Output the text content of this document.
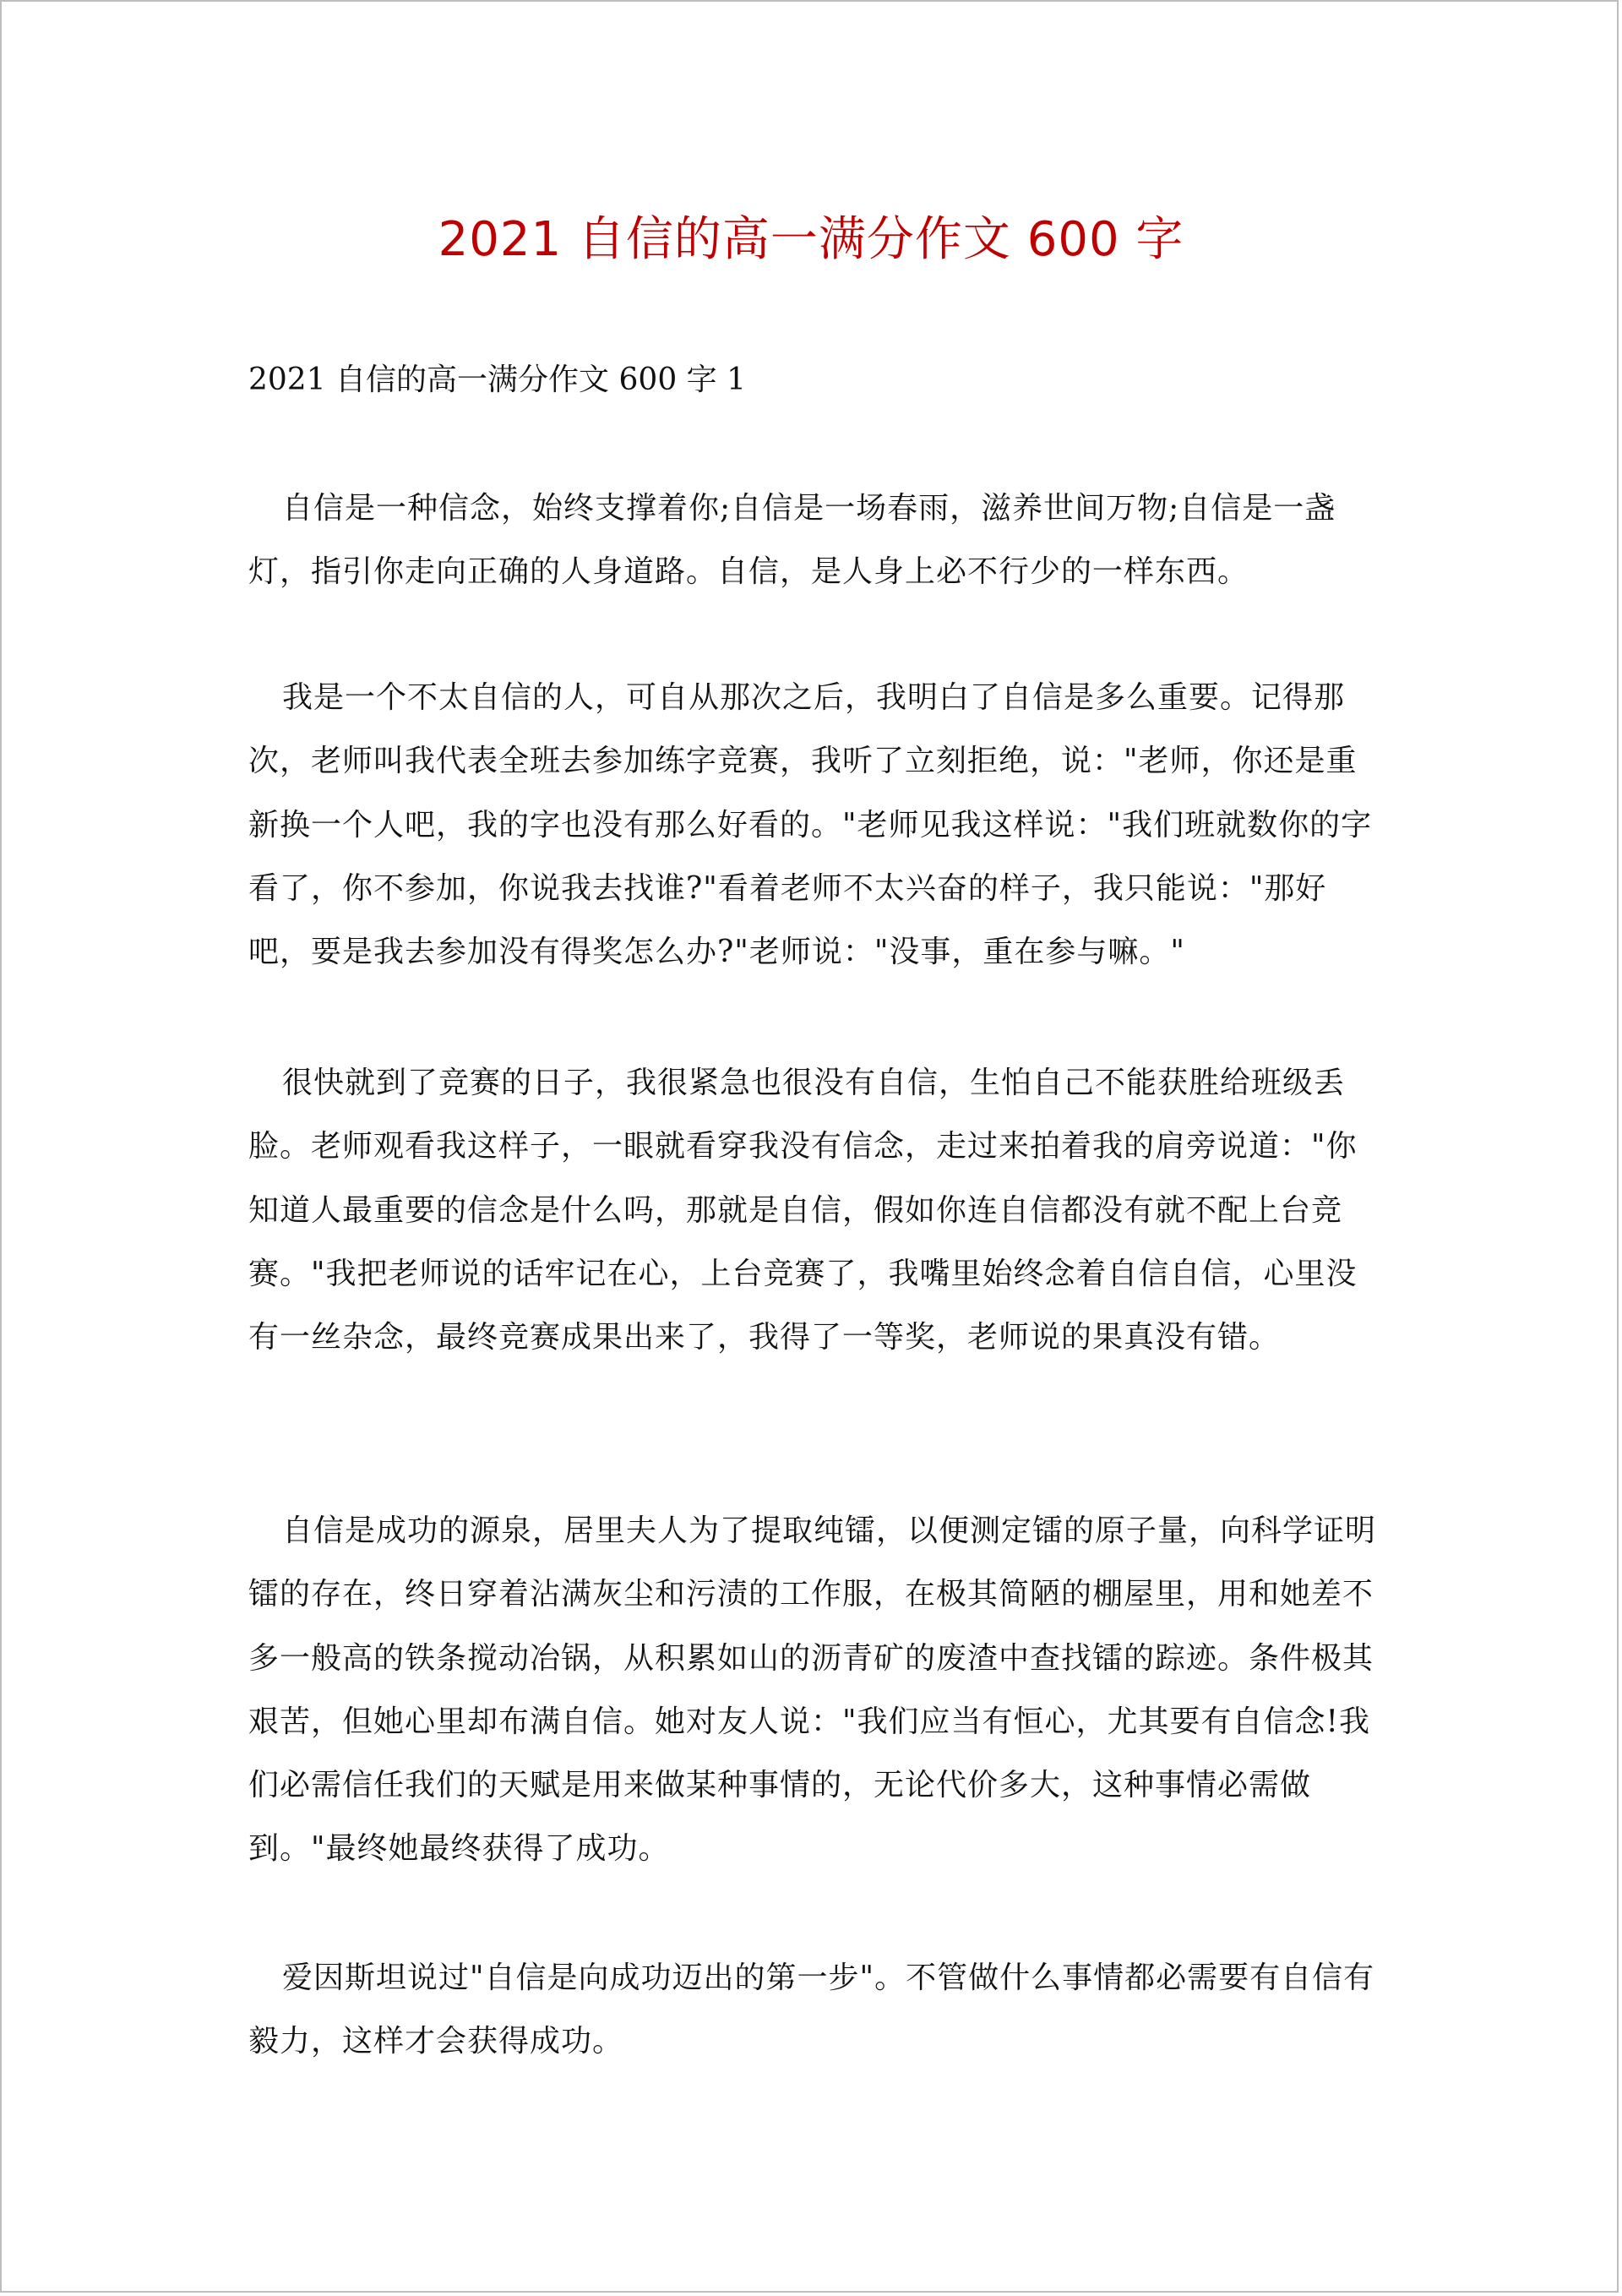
2021 自信的高一满分作文 600 字
2021 自信的高一满分作文 600 字 1

自信是一种信念，始终支撑着你;自信是一场春雨，滋养世间万物;自信是一盏灯，指引你走向正确的人身道路。自信，是人身上必不行少的一样东西。

我是一个不太自信的人，可自从那次之后，我明白了自信是多么重要。记得那次，老师叫我代表全班去参加练字竞赛，我听了立刻拒绝，说："老师，你还是重新换一个人吧，我的字也没有那么好看的。"老师见我这样说："我们班就数你的字看了，你不参加，你说我去找谁?"看着老师不太兴奋的样子，我只能说："那好吧，要是我去参加没有得奖怎么办?"老师说："没事，重在参与嘛。"

很快就到了竞赛的日子，我很紧急也很没有自信，生怕自己不能获胜给班级丢脸。老师观看我这样子，一眼就看穿我没有信念，走过来拍着我的肩旁说道："你知道人最重要的信念是什么吗，那就是自信，假如你连自信都没有就不配上台竞赛。"我把老师说的话牢记在心，上台竞赛了，我嘴里始终念着自信自信，心里没有一丝杂念，最终竞赛成果出来了，我得了一等奖，老师说的果真没有错。

自信是成功的源泉，居里夫人为了提取纯镭，以便测定镭的原子量，向科学证明镭的存在，终日穿着沾满灰尘和污渍的工作服，在极其简陋的棚屋里，用和她差不多一般高的铁条搅动冶锅，从积累如山的沥青矿的废渣中查找镭的踪迹。条件极其艰苦，但她心里却布满自信。她对友人说："我们应当有恒心，尤其要有自信念!我们必需信任我们的天赋是用来做某种事情的，无论代价多大，这种事情必需做到。"最终她最终获得了成功。

爱因斯坦说过"自信是向成功迈出的第一步"。不管做什么事情都必需要有自信有毅力，这样才会获得成功。
